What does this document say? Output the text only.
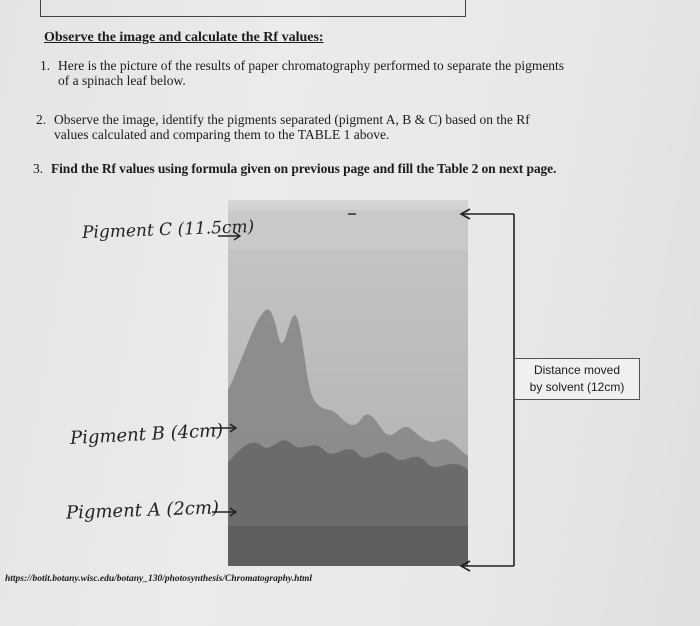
Observe the image and calculate the Rf values:
1. Here is the picture of the results of paper chromatography performed to separate the pigments
of a spinach leaf below.
2. Observe the image, identify the pigments separated (pigment A, B & C) based on the Rf
values calculated and comparing them to the TABLE 1 above.
3. Find the Rf values using formula given on previous page and fill the Table 2 on next page.
Pigment C (11.5cm)
Pigment B (4cm)
Pigment A (2cm)
Distance moved
by solvent (12cm)
https://botit.botany.wisc.edu/botany_130/photosynthesis/Chromatography.html
